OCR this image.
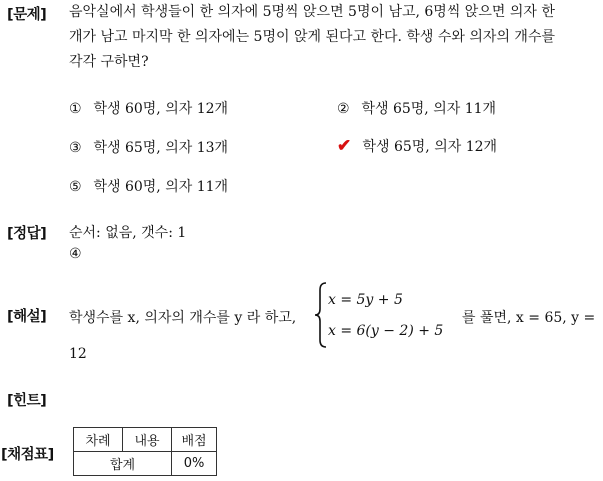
[문제] 음악실에서 학생들이 한 의자에 5명씩 앉으면 5명이 남고, 6명씩 앉으면 의자 한
개가 남고 마지막 한 의자에는 5명이 앉게 된다고 한다. 학생 수와 의자의 개수를
각각 구하면?
① 학생 60명, 의자 12개	② 학생 65명, 의자 11개
③ 학생 65명, 의자 13개	✔ 학생 65명, 의자 12개
⑤ 학생 60명, 의자 11개
[정답] 순서: 없음, 갯수: 1
④
[해설] 학생수를 x, 의자의 개수를 y 라 하고,
x = 5y + 5
x = 6(y − 2) + 5
를 풀면, x = 65, y =
12
[힌트]
[채점표]
차례	내용	배점
합계		0%
